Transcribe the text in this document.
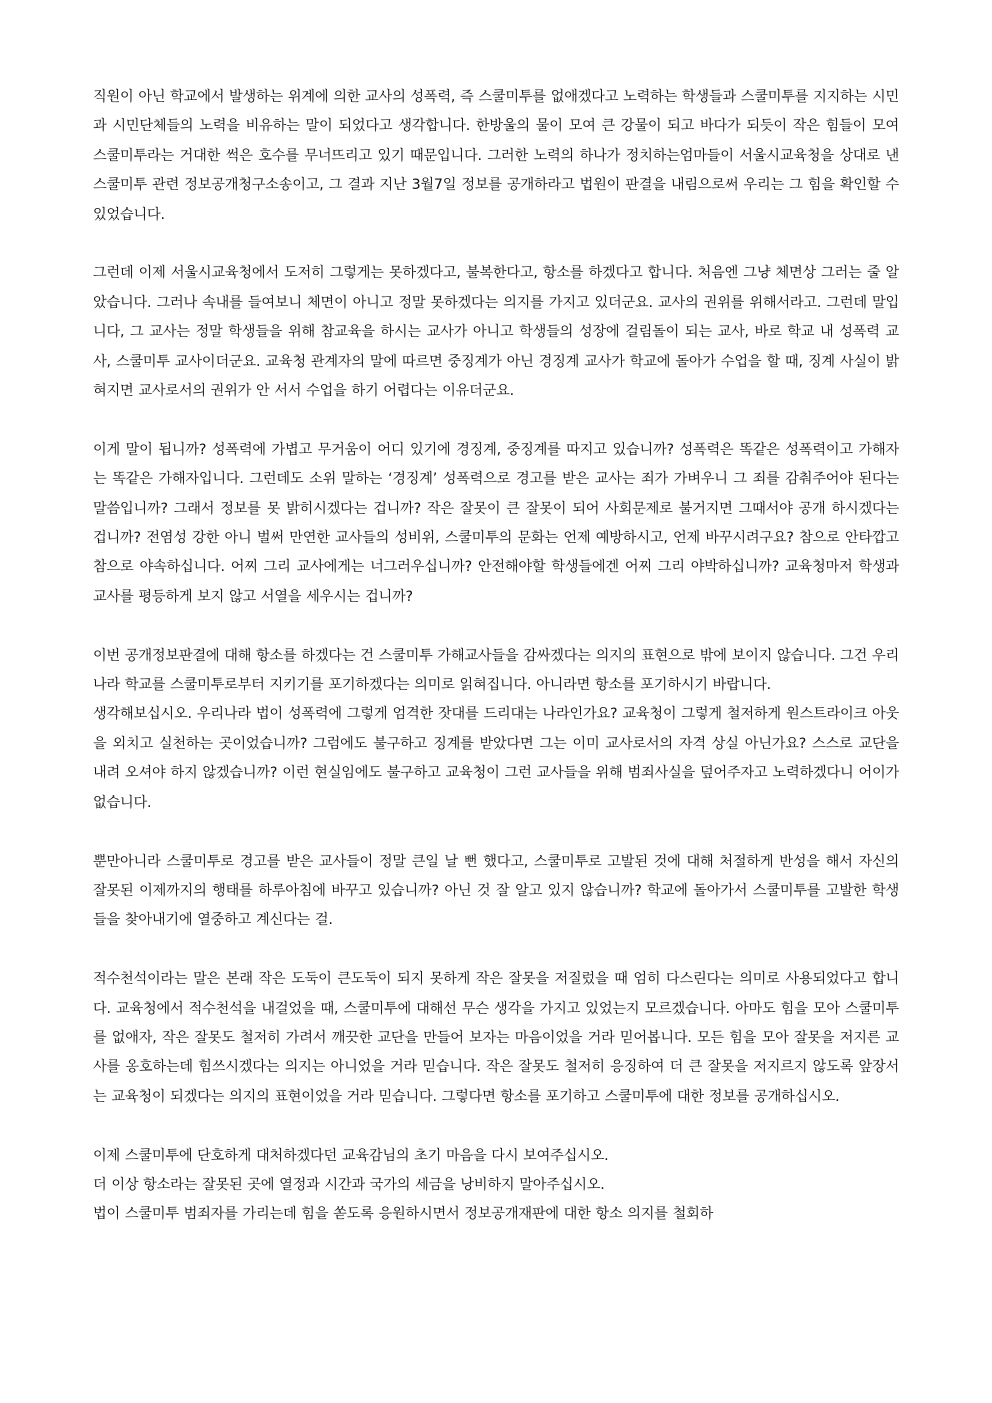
직원이 아닌 학교에서 발생하는 위계에 의한 교사의 성폭력, 즉 스쿨미투를 없애겠다고 노력하는 학생들과 스쿨미투를 지지하는 시민과 시민단체들의 노력을 비유하는 말이 되었다고 생각합니다. 한방울의 물이 모여 큰 강물이 되고 바다가 되듯이 작은 힘들이 모여 스쿨미투라는 거대한 썩은 호수를 무너뜨리고 있기 때문입니다. 그러한 노력의 하나가 정치하는엄마들이 서울시교육청을 상대로 낸 스쿨미투 관련 정보공개청구소송이고, 그 결과 지난 3월7일 정보를 공개하라고 법원이 판결을 내림으로써 우리는 그 힘을 확인할 수 있었습니다.

그런데 이제 서울시교육청에서 도저히 그렇게는 못하겠다고, 불복한다고, 항소를 하겠다고 합니다. 처음엔 그냥 체면상 그러는 줄 알았습니다. 그러나 속내를 들여보니 체면이 아니고 정말 못하겠다는 의지를 가지고 있더군요. 교사의 권위를 위해서라고. 그런데 말입니다, 그 교사는 정말 학생들을 위해 참교육을 하시는 교사가 아니고 학생들의 성장에 걸림돌이 되는 교사, 바로 학교 내 성폭력 교사, 스쿨미투 교사이더군요. 교육청 관계자의 말에 따르면 중징계가 아닌 경징계 교사가 학교에 돌아가 수업을 할 때, 징계 사실이 밝혀지면 교사로서의 권위가 안 서서 수업을 하기 어렵다는 이유더군요.

이게 말이 됩니까? 성폭력에 가볍고 무거움이 어디 있기에 경징계, 중징계를 따지고 있습니까? 성폭력은 똑같은 성폭력이고 가해자는 똑같은 가해자입니다. 그런데도 소위 말하는 ‘경징계’ 성폭력으로 경고를 받은 교사는 죄가 가벼우니 그 죄를 감춰주어야 된다는 말씀입니까? 그래서 정보를 못 밝히시겠다는 겁니까? 작은 잘못이 큰 잘못이 되어 사회문제로 불거지면 그때서야 공개 하시겠다는 겁니까? 전염성 강한 아니 벌써 만연한 교사들의 성비위, 스쿨미투의 문화는 언제 예방하시고, 언제 바꾸시려구요? 참으로 안타깝고 참으로 야속하십니다. 어찌 그리 교사에게는 너그러우십니까? 안전해야할 학생들에겐 어찌 그리 야박하십니까? 교육청마저 학생과 교사를 평등하게 보지 않고 서열을 세우시는 겁니까?

이번 공개정보판결에 대해 항소를 하겠다는 건 스쿨미투 가해교사들을 감싸겠다는 의지의 표현으로 밖에 보이지 않습니다. 그건 우리나라 학교를 스쿨미투로부터 지키기를 포기하겠다는 의미로 읽혀집니다. 아니라면 항소를 포기하시기 바랍니다.
생각해보십시오. 우리나라 법이 성폭력에 그렇게 엄격한 잣대를 드리대는 나라인가요? 교육청이 그렇게 철저하게 원스트라이크 아웃을 외치고 실천하는 곳이었습니까? 그럼에도 불구하고 징계를 받았다면 그는 이미 교사로서의 자격 상실 아닌가요? 스스로 교단을 내려 오셔야 하지 않겠습니까? 이런 현실임에도 불구하고 교육청이 그런 교사들을 위해 범죄사실을 덮어주자고 노력하겠다니 어이가 없습니다.

뿐만아니라 스쿨미투로 경고를 받은 교사들이 정말 큰일 날 뻔 했다고, 스쿨미투로 고발된 것에 대해 처절하게 반성을 해서 자신의 잘못된 이제까지의 행태를 하루아침에 바꾸고 있습니까? 아닌 것 잘 알고 있지 않습니까? 학교에 돌아가서 스쿨미투를 고발한 학생들을 찾아내기에 열중하고 계신다는 걸.

적수천석이라는 말은 본래 작은 도둑이 큰도둑이 되지 못하게 작은 잘못을 저질렀을 때 엄히 다스린다는 의미로 사용되었다고 합니다. 교육청에서 적수천석을 내걸었을 때, 스쿨미투에 대해선 무슨 생각을 가지고 있었는지 모르겠습니다. 아마도 힘을 모아 스쿨미투를 없애자, 작은 잘못도 철저히 가려서 깨끗한 교단을 만들어 보자는 마음이었을 거라 믿어봅니다. 모든 힘을 모아 잘못을 저지른 교사를 옹호하는데 힘쓰시겠다는 의지는 아니었을 거라 믿습니다. 작은 잘못도 철저히 응징하여 더 큰 잘못을 저지르지 않도록 앞장서는 교육청이 되겠다는 의지의 표현이었을 거라 믿습니다. 그렇다면 항소를 포기하고 스쿨미투에 대한 정보를 공개하십시오.

이제 스쿨미투에 단호하게 대처하겠다던 교육감님의 초기 마음을 다시 보여주십시오.
더 이상 항소라는 잘못된 곳에 열정과 시간과 국가의 세금을 낭비하지 말아주십시오.
법이 스쿨미투 범죄자를 가리는데 힘을 쏟도록 응원하시면서 정보공개재판에 대한 항소 의지를 철회하
